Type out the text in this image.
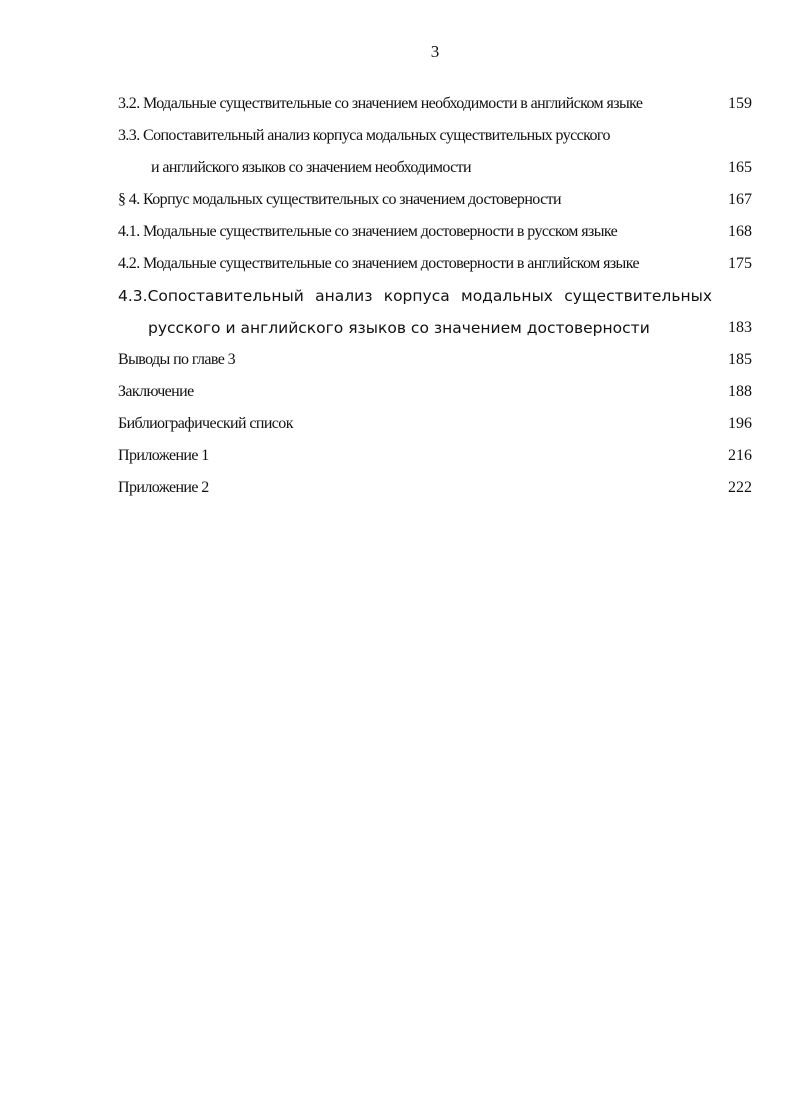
3
3.2. Модальные существительные со значением необходимости в английском языке	159
3.3. Сопоставительный анализ корпуса модальных существительных русского
и английского языков со значением необходимости	165
§ 4. Корпус модальных существительных со значением достоверности	167
4.1. Модальные существительные со значением достоверности в русском языке	168
4.2. Модальные существительные со значением достоверности в английском языке	175
4.3.Сопоставительный анализ корпуса модальных существительных
русского и английского языков со значением достоверности	183
Выводы по главе 3	185
Заключение	188
Библиографический список	196
Приложение 1	216
Приложение 2	222
